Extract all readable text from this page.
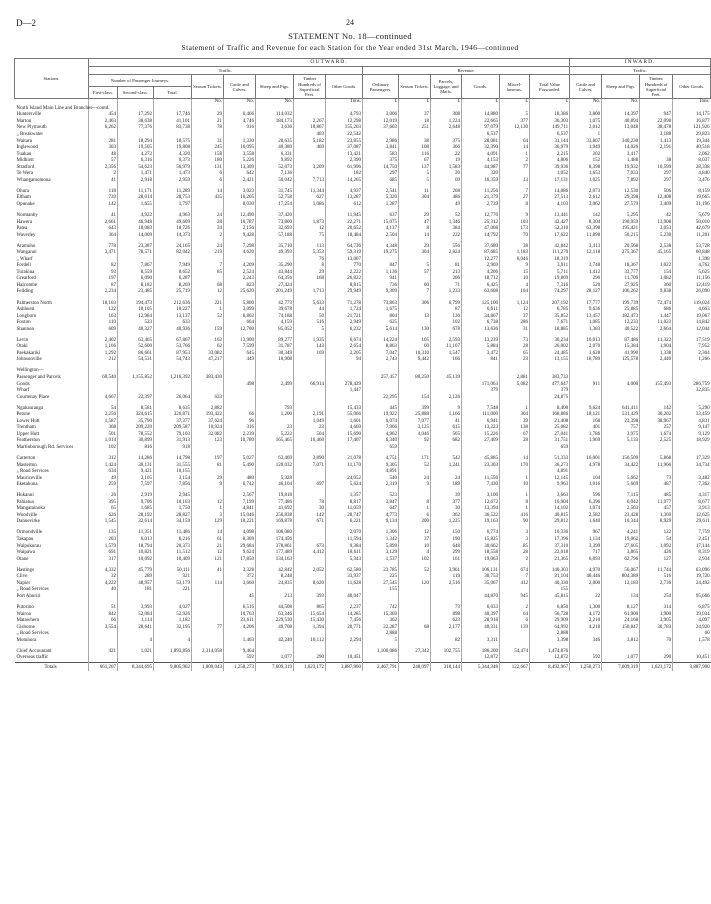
D—2	24
STATEMENT No. 18—continued
Statement of Traffic and Revenue for each Station for the Year ended 31st March, 1946—continued
Stations.	OUTWARD.														INWARD.			
	Traffic.								Revenue.						Traffic.			
	Number of Passenger Journeys.			Season Tickets.	Cattle and Calves.	Sheep and Pigs.	Timber Hundreds of Superficial Feet.	Other Goods.	Ordinary Passengers.	Season Tickets.	Parcels, Luggage, and Mails.	Goods.	Miscel-laneous.	Total Value Forwarded.	Cattle and Calves.	Sheep and Pigs.	Timber, Hundreds of Superficial Feet.	Other Goods.
	First-class.	Second-class.	Total.															
				No.	No.	No.		Tons.	£	£	£	£	£	£	No.	No.		Tons.
North Island Main Line and Branches—contd.																		
Huntersville	454	17,292	17,746	29	6,466	114,032		4,793	3,006	37	308	14,880	5	18,386	3,800	14,397	947	14,175
Marton	2,463	38,638	41,101	21	4,746	184,173	2,267	12,298	12,019	18	1,224	22,665	377	36,303	1,075	40,894	22,098	16,877
New Plymouth	6,262	77,376	83,738	78	916	3,636	10,867	155,203	37,603	251	2,648	97,079	12,130	149,711	2,012	13,048	38,478	121,926
„ Breakwater							403	22,542				6,537		6,537	1		3,188	29,823
Waitara	281	18,294	18,575	31	1,330	20,635	5,182	23,855	2,986	38	375	28,081	64	31,144	33,607	340,230	1,413	19,344
Inglewood	303	19,505	19,808	245	16,095	40,380	469	37,087	3,841	108	366	32,390	14	36,979	1,949	14,026	2,191	40,518
Tuakau	48	4,272	4,320	158	3,558	6,331		13,421	583	116	22	4,091	1	2,215	202	3,417		2,062
Midhirst	57	6,316	6,373	180	5,226	9,892		2,390	375	67	19	4,153	2	4,806	152	1,488	38	8,037
Stratford	2,356	54,623	56,979	131	13,309	52,073	3,209	61,996	14,750	137	1,583	44,987	77	39,936	8,398	19,932	10,599	28,338
Te Wera	2	1,471	1,473	6	642	7,136		182	297	5	20	320		1,052	1,653	7,033	297	4,840
Whangamomona	41	2,918	2,959	6	2,421	50,042	7,713	14,265	685	5	69	16,359	13	17,131	1,025	7,892	297	3,476

Ohura	118	11,171	11,289	14	3,023	31,745	11,344	4,937	2,541	11	268	11,256	7	14,086	2,073	12,530	506	8,159
Eltham	739	28,014	28,753	435	16,205	52,758	627	13,287	5,320	304	486	21,379	27	27,513	2,612	29,398	12,408	19,665
Opunake	142	1,655	1,797		8,030	17,254	1,086	612	1,287		49	2,739	8	4,103	3,062	27,579	3,409	31,196

Normanby	41	4,922	4,963	24	12,490	37,420		11,945	637	29	52	12,770	9	13,441	142	5,295	42	5,679
Hawera	2,661	46,948	49,609	28	16,787	73,800	1,873	22,271	15,075	47	1,346	25,312	103	42,427	8,304	190,959	13,908	50,010
Patea	643	18,083	18,726	34	2,156	32,693	12	20,652	4,137	8	384	47,008	173	52,310	63,398	195,421	3,053	42,679
Waverley	364	14,009	14,373	2	9,428	57,188	75	18,484	2,504	14	222	14,792	70	17,622	11,898	50,215	5,230	11,201

Aramoho	778	23,387	24,165	24	7,298	35,710	113	64,736	4,348	29	556	37,680	38	42,842	3,413	20,568	2,538	53,728
Wanganui	3,471	78,571	82,042	219	4,620	49,393	5,353	59,319	19,275	304	2,824	87,685	1,183	111,270	12,118	275,367	45,165	60,848
„ Wharf							76	13,007				12,277	6,046	18,319				1,398
Fordell	82	7,867	7,949	7	4,209	35,290	8	770	847	5	81	2,969	9	3,911	3,748	18,367	1,022	4,762
Turakina	93	8,559	8,652	85	2,524	43,844	29	2,222	1,136	57	213	4,206	15	5,711	1,412	33,777	154	5,625
Greatford	197	6,090	6,287		2,243	64,356	168	26,822	941		206	18,712	10	19,869	296	11,709	1,082	11,156
Halcombe	87	8,182	8,269	68	823	27,424		8,815	736	60	71	6,425	4	7,316	520	27,925	360	12,419
Feilding	2,234	23,485	25,719	12	25,620	201,249	1,713	29,949	9,309	7	1,233	63,608	104	74,297	28,127	106,262	9,838	26,090

Palmerston North	18,103	194,473	212,636	221	5,800	42,773	5,633	71,278	73,863	306	6,799	125,100	1,124	207,192	17,777	199,739	72,474	119,024
Ashhurst	122	10,105	10,227	1	3,099	39,678	44	1,724	1,675		87	6,611	12	6,785	9,636	25,885	686	4,663
Longburn	163	12,984	13,137	52	6,802	74,188	50	21,721	804	13	136	34,867	37	35,852	13,457	182,473	1,447	19,067
Foxton	110	523	633		664	4,159	516	2,949	625		102	6,738	286	7,671	1,085	12,233	11,023	14,842
Shannon	609	40,327	40,936	159	12,700	85,052	5	6,232	5,614	130	678	13,636	31	18,885	1,383	40,522	2,664	12,044

Levin	2,402	63,465	67,867	162	13,900	89,277	1,935	6,674	14,224	105	2,593	13,239	73	30,234	10,013	87,486	11,322	17,519
Otaki	1,166	52,600	53,766	62	7,599	31,787	143	2,654	8,863	60	11,167	5,884	28	26,002	2,070	15,384	1,904	7,952
Paekakariki	1,292	86,661	87,953	33,082	645	30,349	169	2,205	7,047	10,310	1,547	3,472	65	24,485	1,628	41,990	1,338	2,304
Johnsonville	212	54,531	54,743	47,217	449	10,908		94	2,743	9,442	166	841	23	13,155	18,789	125,578	2,440	1,266

Wellington—																		
Passenger and Parcels	60,540	1,155,852	1,216,392	383,430					257,457	80,250	45,139		2,881	383,733				
Goods					498	2,499	66,914	278,429				171,063	5,082	477,647	911	4,000	155,493	286,759
Wharf								1,447				379		379				32,835
Courtenay Place	4,667	22,397	26,064	633					22,295	154	2,126			24,875				

Ngahauranga	54	8,581	8,635	2,882		793		15,433	445	399	9	7,548	1	8,400	9,624	641,411	142	5,290
Petone	2,256	324,615	326,871	193,422	66	1,200	2,191	55,066	19,922	25,888	1,166	111,000	304	168,886	18,121	531,429	30,202	33,459
Lower Hutt	1,587	35,790	37,377	37,624	96		1,049	1,601	6,074	7,077	41	6,941	39	21,408	168	23,398	38,967	4,831
Trentham	368	209,220	209,587	10,924	316	23	23	4,669	7,966	3,125	615	13,223	138	25,082	401	757	257	9,147
Upper Hutt	501	78,552	79,103	32,082	2,239	5,222	504	15,690	4,962	4,046	565	15,226	67	27,041	1,786	3,975	1,674	9,129
Featherston	1,014	30,899	31,913	123	10,780	165,465	16,460	17,407	6,340	92	682	27,409	28	31,751	1,969	5,133	2,525	18,929
Martinborough Rd. Services	102	816	918						659					659				

Carterton	312	14,286	14,798	197	5,027	63,469	3,890	21,078	4,751	171	542	45,885	14	51,333	16,001	156,509	5,868	17,329
Masterton	1,424	30,131	31,555	81	5,490	120,032	7,071	11,170	9,305	52	1,241	23,303	170	36,273	4,978	34,422	11,966	34,734
„ Road Services	634	9,421	10,155						4,891					4,891				
Mauriceville	49	3,105	3,154	29	480	5,328		24,052	540	24	24	11,556	1	12,145	104	5,662	73	3,482
Eketahuna	259	7,597	7,856	9	6,742	46,104	697	5,624	2,319	9	189	7,430	10	9,963	1,016	5,669	487	7,362

Hukanui	26	2,919	2,945		2,567	19,818		1,357	523		39	3,100	1	3,663	596	7,115	485	4,317
Pahiatua	395	9,706	10,103	12	7,199	77,486	78	8,817	3,847	8	377	12,672	8	16,904	6,396	6,042	11,977	8,677
Mangatainoka	65	1,685	1,750	1	4,841	41,692	30	11,059	647	1	30	13,394	1	14,102	1,074	2,503	457	3,913
Woodville	626	28,192	28,827	3	15,046	256,838	142	28,747	4,773	6	362	36,522	416	40,815	2,582	23,428	1,369	12,625
Dannevirke	1,545	32,614	34,159	129	10,221	169,878	671	6,221	9,134	200	1,225	19,163	90	29,812	1,640	10,344	8,929	29,611

Ormondville	135	11,351	11,486	14	4,098	106,080		2,070	1,306	12	150	6,774	3	10,336	967	4,241	122	7,759
Takapau	203	6,013	6,216	61	8,309	174,456		11,594	1,342	37	190	15,825	3	17,396	1,134	19,062	54	2,451
Waipukurau	1,579	18,794	20,373	21	29,684	378,861	673	9,384	5,899	10	648	30,662	85	37,310	3,399	27,605	1,092	17,144
Waipawa	691	10,821	11,512	12	9,624	177,489	4,412	18,611	3,129	4	299	18,558	28	22,018	717	3,865	426	8,319
Otane	317	10,092	10,409	121	17,850	134,163		5,343	1,537	102	161	19,063	2	21,365	6,093	62,796	127	2,934

Hastings	4,332	45,779	50,111	41	3,328	42,842	2,052	62,580	23,785	52	3,961	106,131	674	140,303	4,970	56,067	11,744	63,096
Clive	32	289	321		372	8,248		33,937	225		119	30,753	7	31,104	40,446	804,389	516	19,720
Napier	4,222	48,957	53,179	114	3,660	24,835	8,620	11,628	27,545	120	2,516	35,067	412	40,330	2,000	12,183	2,736	24,492
„ Road Services	40	181	221						155					155				
Port Ahuriri					45	213	393	40,047				44,870	945	45,815	22	134	254	95,666

Putorino	51	3,993	4,027		6,516	44,508	865	2,237	742		73	6,033	2	6,850	1,300	8,127	314	6,875
Wairoa	842	52,084	52,926		10,763	63,346	15,654	14,285	15,369		898	40,397	64	56,728	4,172	61,900	1,900	39,034
Matawhero	66	1,114	1,182		23,611	229,530	15,430	7,456	362		623	28,918	6	29,909	2,210	24,168	3,905	4,097
Gisborne	3,554	28,641	32,195	77	4,206	49,708	1,394	20,771	22,287	68	2,177	40,331	139	64,992	4,218	150,847	30,783	24,920
„ Road Services									2,888					2,888				60
Motuhora		4	4		1,463	42,240	10,112	2,294	5		82	3,311		3,398	346	3,812	70	1,578

Chief Accountant	421	1,021	1,893,856	2,314,058	9,464				1,106,086	27,342	102,755	186,200	54,474	1,474,876				
Overseas traffic					592	1,077	290	10,451				12,872		12,872	592	1,077	290	10,451
Totals	661,207	8,344,695	9,005,902	1,009,043	1,258,273	7,609,319	1,623,172	3,887,900	2,467,791	248,097	310,144	5,344,348	122,667	8,492,967	1,258,273	7,609,319	1,623,172	3,887,900
